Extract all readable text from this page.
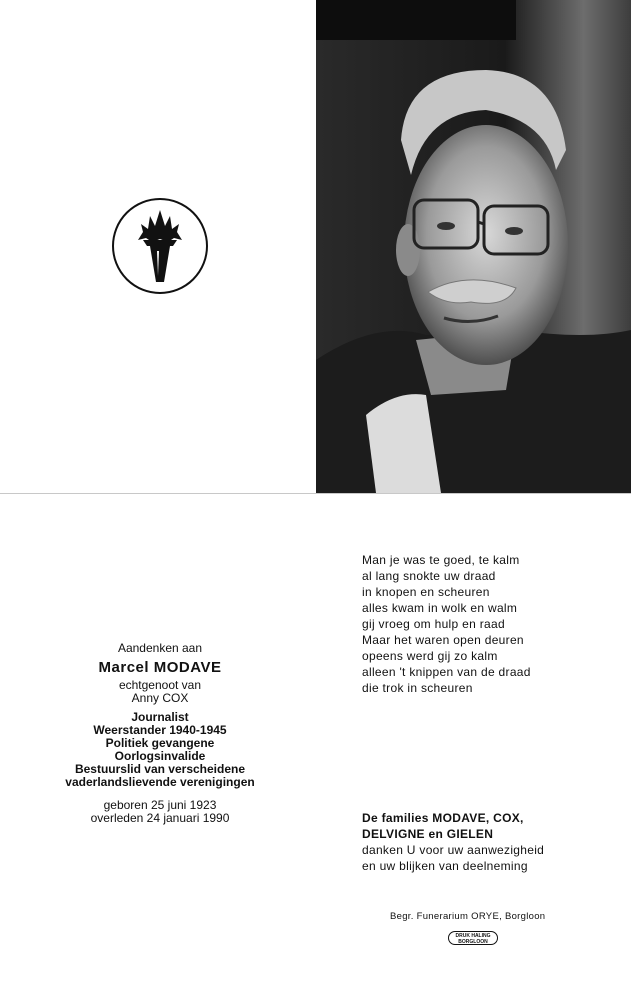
Aandenken aan
Marcel MODAVE
echtgenoot van
Anny COX
Journalist
Weerstander 1940-1945
Politiek gevangene
Oorlogsinvalide
Bestuurslid van verscheidene
vaderlandslievende verenigingen
geboren 25 juni 1923
overleden 24 januari 1990
Man je was te goed, te kalm
al lang snokte uw draad
in knopen en scheuren
alles kwam in wolk en walm
gij vroeg om hulp en raad
Maar het waren open deuren
opeens werd gij zo kalm
alleen 't knippen van de draad
die trok in scheuren
De families MODAVE, COX,
DELVIGNE en GIELEN
danken U voor uw aanwezigheid
en uw blijken van deelneming
Begr. Funerarium ORYE, Borgloon
DRUK HALING
BORGLOON
